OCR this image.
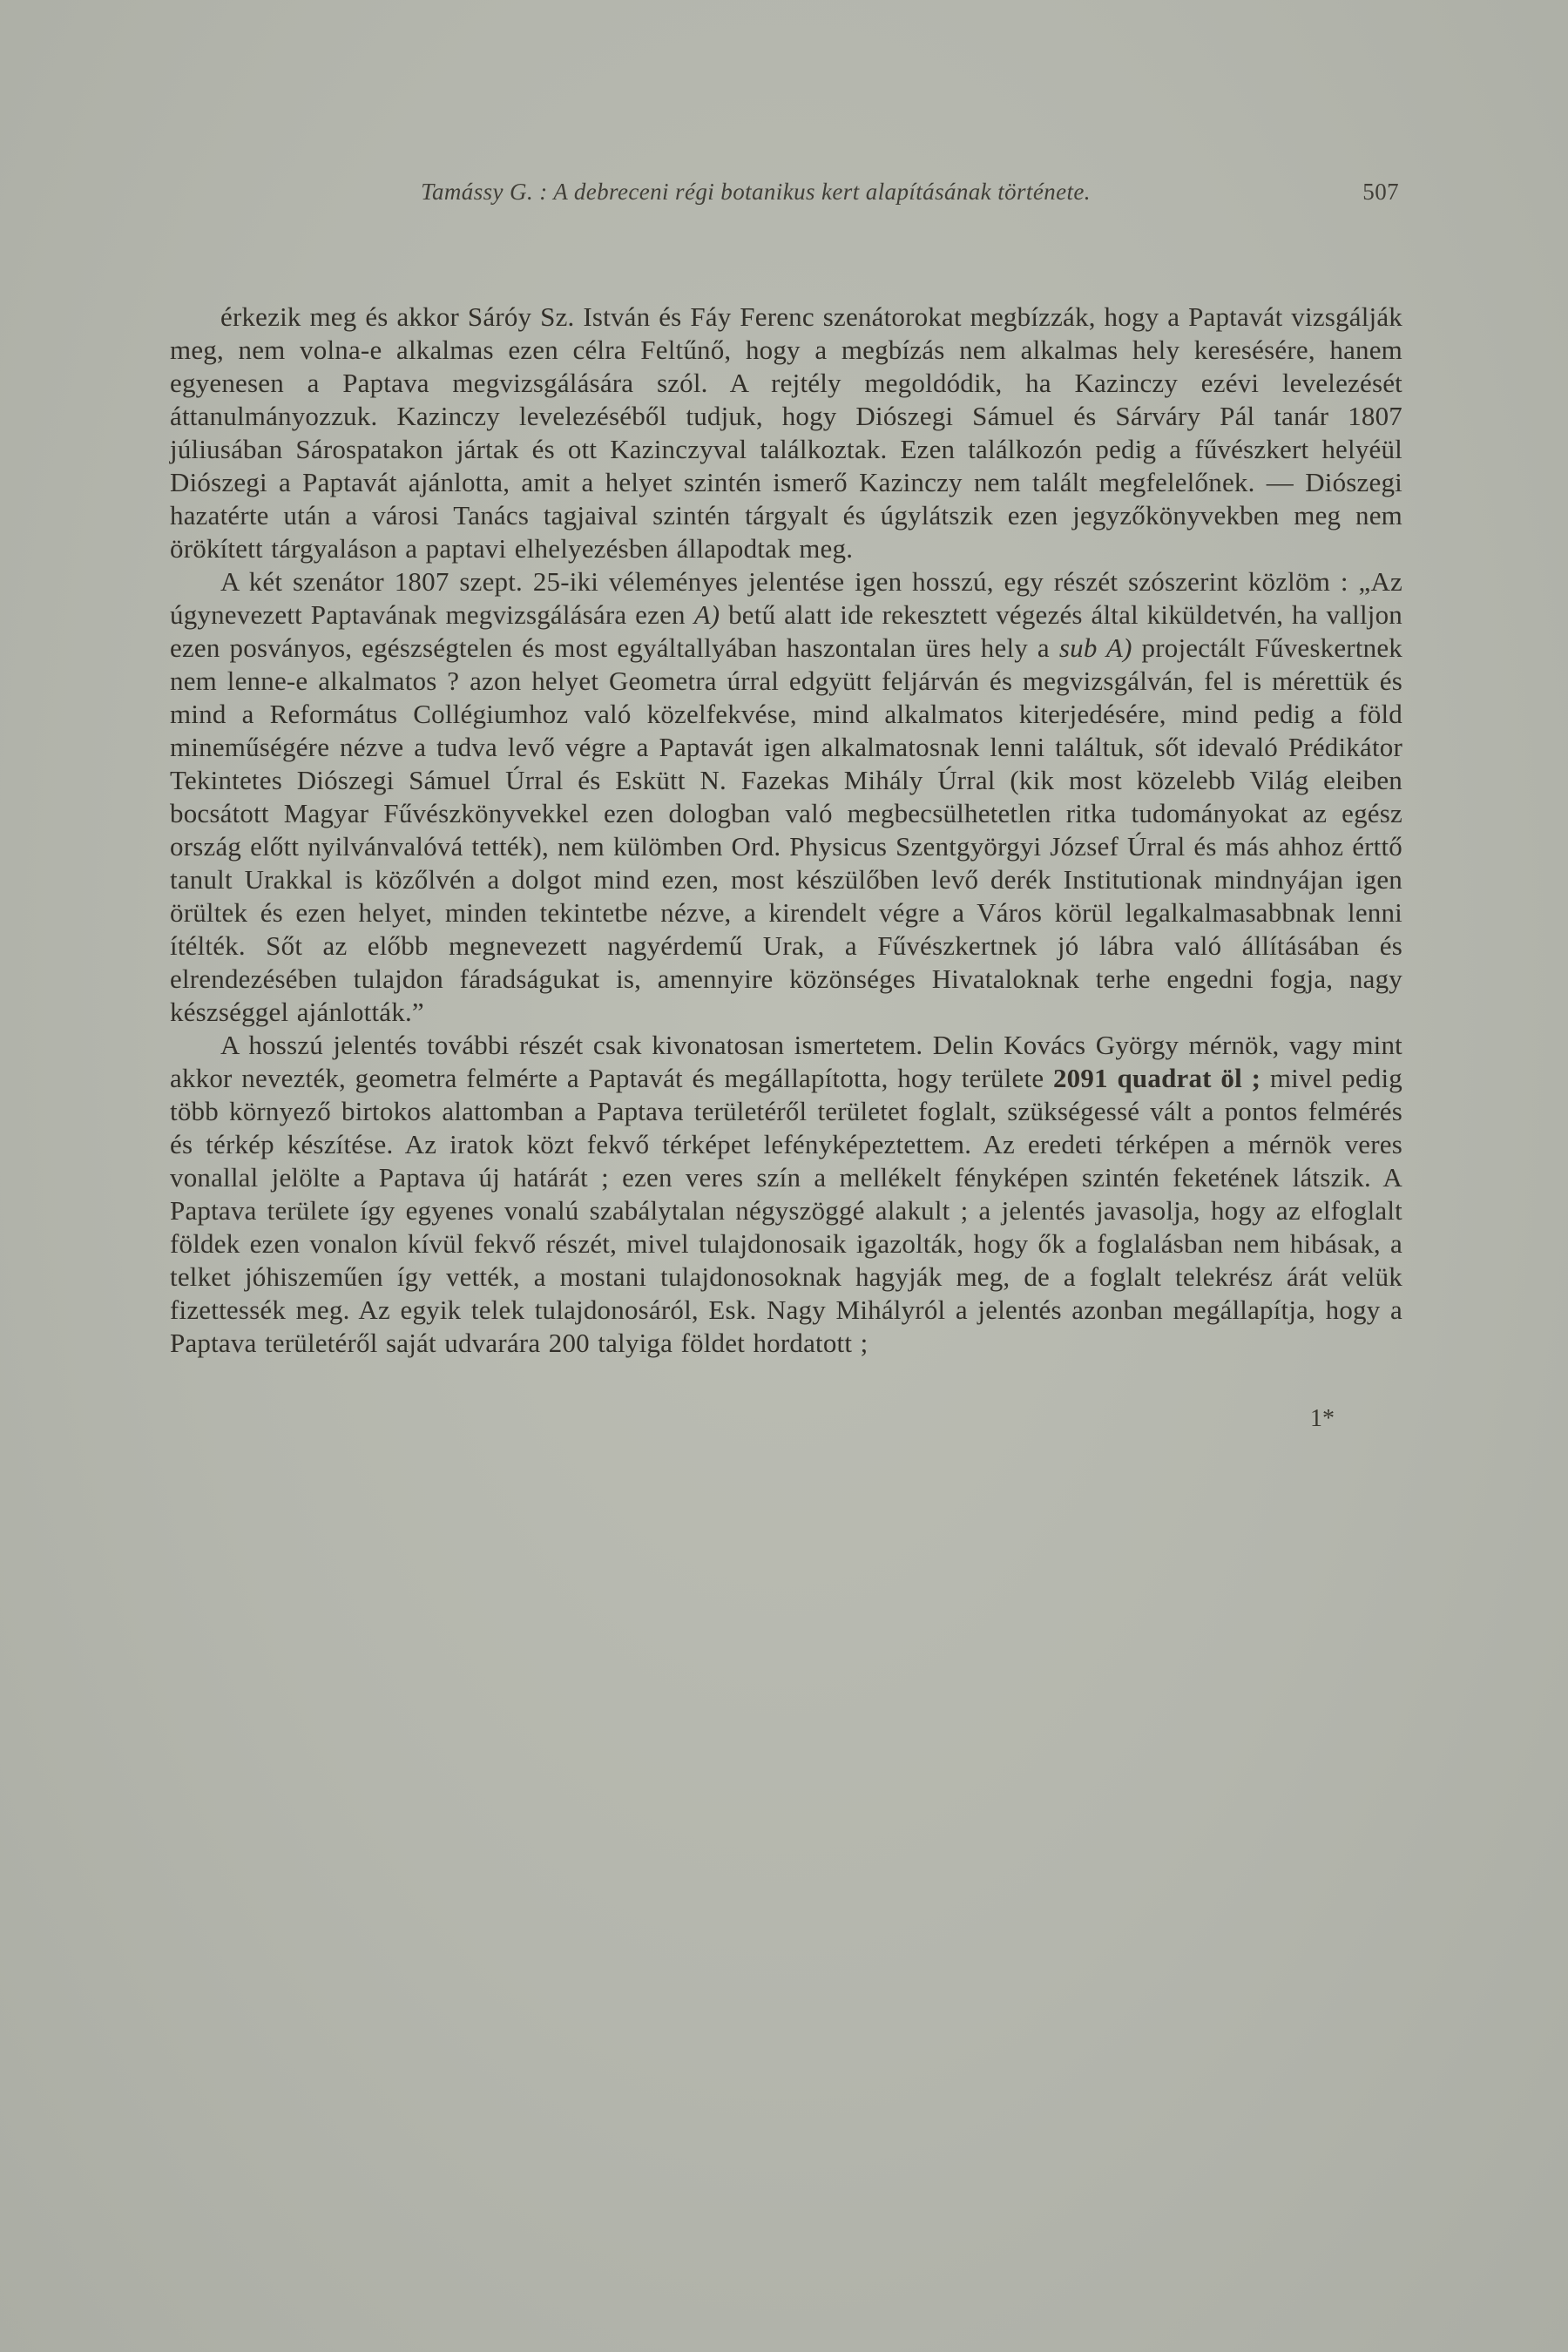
Tamássy G. : A debreceni régi botanikus kert alapításának története.	507

érkezik meg és akkor Sáróy Sz. István és Fáy Ferenc szenátorokat megbízzák, hogy a Paptavát vizsgálják meg, nem volna-e alkalmas ezen célra Feltűnő, hogy a megbízás nem alkalmas hely keresésére, hanem egyenesen a Paptava megvizsgálására szól. A rejtély megoldódik, ha Kazinczy ezévi levelezését áttanulmányozzuk. Kazinczy levelezéséből tudjuk, hogy Diószegi Sámuel és Sárváry Pál tanár 1807 júliusában Sárospatakon jártak és ott Kazinczyval találkoztak. Ezen találkozón pedig a fűvészkert helyéül Diószegi a Paptavát ajánlotta, amit a helyet szintén ismerő Kazinczy nem talált megfelelőnek. — Diószegi hazatérte után a városi Tanács tagjaival szintén tárgyalt és úgylátszik ezen jegyzőkönyvekben meg nem örökített tárgyaláson a paptavi elhelyezésben állapodtak meg.

A két szenátor 1807 szept. 25-iki véleményes jelentése igen hosszú, egy részét szószerint közlöm : „Az úgynevezett Paptavának megvizsgálására ezen A) betű alatt ide rekesztett végezés által kiküldetvén, ha valljon ezen posványos, egészségtelen és most egyáltallyában haszontalan üres hely a sub A) projectált Fűveskertnek nem lenne-e alkalmatos ? azon helyet Geometra úrral edgyütt feljárván és megvizsgálván, fel is mérettük és mind a Református Collégiumhoz való közelfekvése, mind alkalmatos kiterjedésére, mind pedig a föld mineműségére nézve a tudva levő végre a Paptavát igen alkalmatosnak lenni találtuk, sőt idevaló Prédikátor Tekintetes Diószegi Sámuel Úrral és Eskütt N. Fazekas Mihály Úrral (kik most közelebb Világ eleiben bocsátott Magyar Fűvészkönyvekkel ezen dologban való megbecsülhetetlen ritka tudományokat az egész ország előtt nyilvánvalóvá tették), nem külömben Ord. Physicus Szentgyörgyi József Úrral és más ahhoz érttő tanult Urakkal is közőlvén a dolgot mind ezen, most készülőben levő derék Institutionak mindnyájan igen örültek és ezen helyet, minden tekintetbe nézve, a kirendelt végre a Város körül legalkalmasabbnak lenni ítélték. Sőt az előbb megnevezett nagyérdemű Urak, a Fűvészkertnek jó lábra való állításában és elrendezésében tulajdon fáradságukat is, amennyire közönséges Hivataloknak terhe engedni fogja, nagy készséggel ajánlották.”

A hosszú jelentés további részét csak kivonatosan ismertetem. Delin Kovács György mérnök, vagy mint akkor nevezték, geometra felmérte a Paptavát és megállapította, hogy területe 2091 quadrat öl ; mivel pedig több környező birtokos alattomban a Paptava területéről területet foglalt, szükségessé vált a pontos felmérés és térkép készítése. Az iratok közt fekvő térképet lefényképeztettem. Az eredeti térképen a mérnök veres vonallal jelölte a Paptava új határát ; ezen veres szín a mellékelt fényképen szintén feketének látszik. A Paptava területe így egyenes vonalú szabálytalan négyszöggé alakult ; a jelentés javasolja, hogy az elfoglalt földek ezen vonalon kívül fekvő részét, mivel tulajdonosaik igazolták, hogy ők a foglalásban nem hibásak, a telket jóhiszeműen így vették, a mostani tulajdonosoknak hagyják meg, de a foglalt telekrész árát velük fizettessék meg. Az egyik telek tulajdonosáról, Esk. Nagy Mihályról a jelentés azonban megállapítja, hogy a Paptava területéről saját udvarára 200 talyiga földet hordatott ;

1*
